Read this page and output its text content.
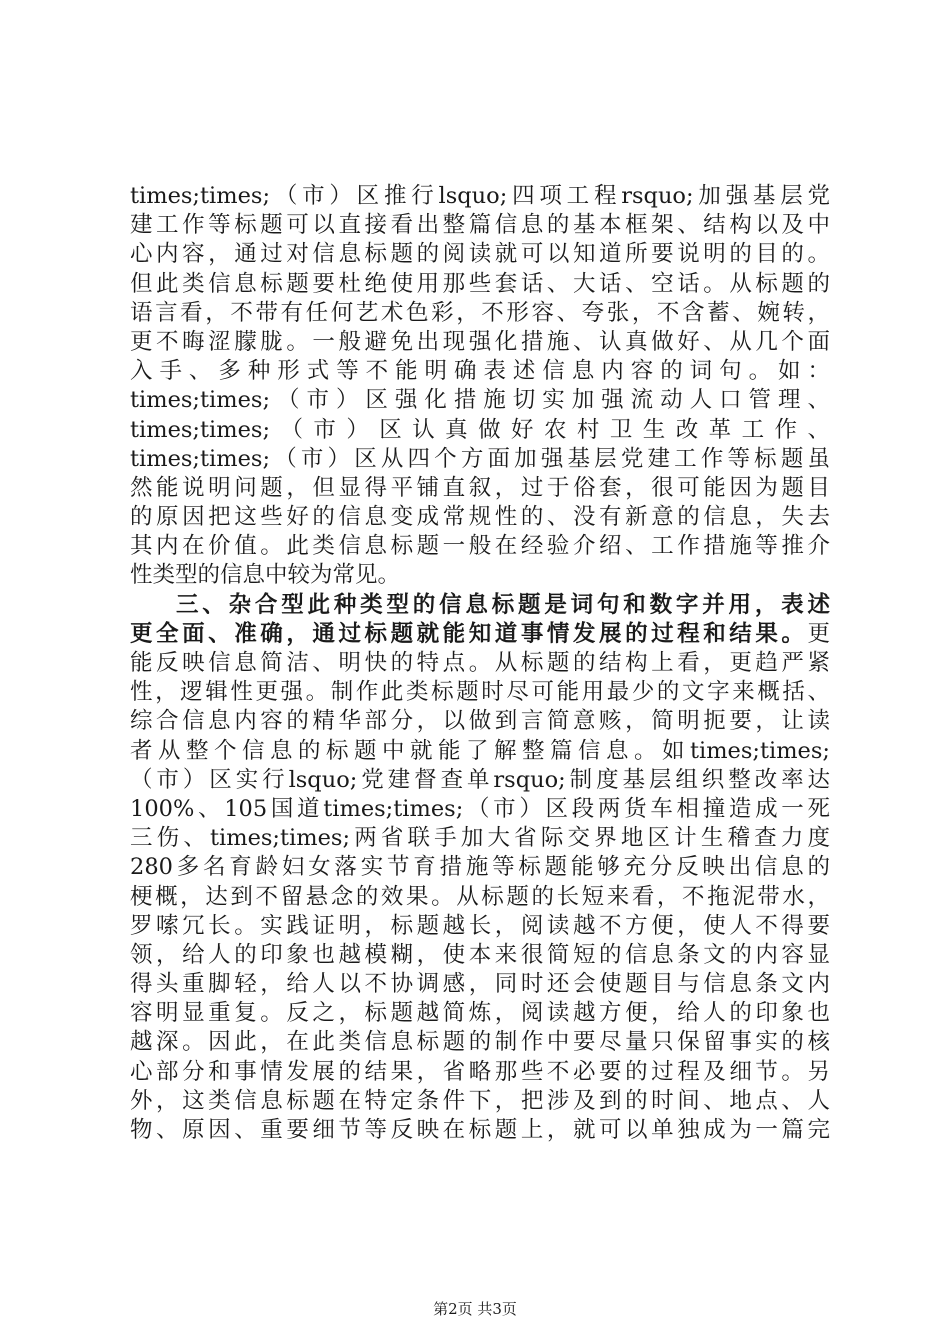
times;times;（市）区推行lsquo;四项工程rsquo;加强基层党
建工作等标题可以直接看出整篇信息的基本框架、结构以及中
心内容，通过对信息标题的阅读就可以知道所要说明的目的。
但此类信息标题要杜绝使用那些套话、大话、空话。从标题的
语言看，不带有任何艺术色彩，不形容、夸张，不含蓄、婉转，
更不晦涩朦胧。一般避免出现强化措施、认真做好、从几个面
入手、多种形式等不能明确表述信息内容的词句。如：
times;times;（市）区强化措施切实加强流动人口管理、
times;times;（市）区认真做好农村卫生改革工作、
times;times;（市）区从四个方面加强基层党建工作等标题虽
然能说明问题，但显得平铺直叙，过于俗套，很可能因为题目
的原因把这些好的信息变成常规性的、没有新意的信息，失去
其内在价值。此类信息标题一般在经验介绍、工作措施等推介
性类型的信息中较为常见。
三、杂合型此种类型的信息标题是词句和数字并用，表述
更全面、准确，通过标题就能知道事情发展的过程和结果。更
能反映信息简洁、明快的特点。从标题的结构上看，更趋严紧
性，逻辑性更强。制作此类标题时尽可能用最少的文字来概括、
综合信息内容的精华部分，以做到言简意赅，简明扼要，让读
者从整个信息的标题中就能了解整篇信息。如times;times;
（市）区实行lsquo;党建督查单rsquo;制度基层组织整改率达
100%、105国道times;times;（市）区段两货车相撞造成一死
三伤、times;times;两省联手加大省际交界地区计生稽查力度
280多名育龄妇女落实节育措施等标题能够充分反映出信息的
梗概，达到不留悬念的效果。从标题的长短来看，不拖泥带水，
罗嗦冗长。实践证明，标题越长，阅读越不方便，使人不得要
领，给人的印象也越模糊，使本来很简短的信息条文的内容显
得头重脚轻，给人以不协调感，同时还会使题目与信息条文内
容明显重复。反之，标题越简炼，阅读越方便，给人的印象也
越深。因此，在此类信息标题的制作中要尽量只保留事实的核
心部分和事情发展的结果，省略那些不必要的过程及细节。另
外，这类信息标题在特定条件下，把涉及到的时间、地点、人
物、原因、重要细节等反映在标题上，就可以单独成为一篇完
第2页 共3页
